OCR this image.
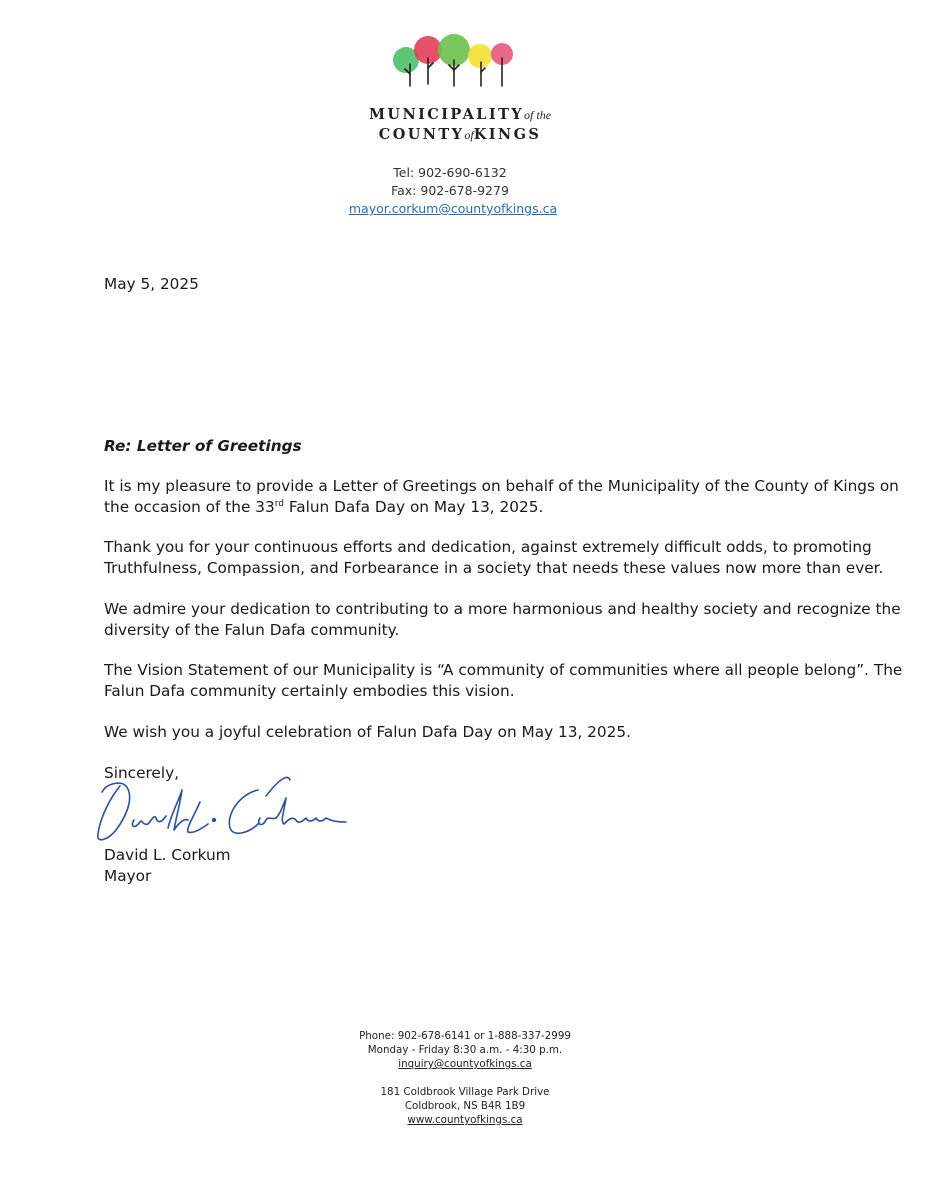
MUNICIPALITYof the
COUNTYofKINGS
Tel: 902-690-6132
Fax: 902-678-9279
mayor.corkum@countyofkings.ca
May 5, 2025
Re: Letter of Greetings
It is my pleasure to provide a Letter of Greetings on behalf of the Municipality of the County of Kings on
the occasion of the 33rd Falun Dafa Day on May 13, 2025.
Thank you for your continuous efforts and dedication, against extremely difficult odds, to promoting
Truthfulness, Compassion, and Forbearance in a society that needs these values now more than ever.
We admire your dedication to contributing to a more harmonious and healthy society and recognize the
diversity of the Falun Dafa community.
The Vision Statement of our Municipality is “A community of communities where all people belong”. The
Falun Dafa community certainly embodies this vision.
We wish you a joyful celebration of Falun Dafa Day on May 13, 2025.
Sincerely,
David L. Corkum
Mayor
Phone: 902-678-6141 or 1-888-337-2999
Monday - Friday 8:30 a.m. - 4:30 p.m.
inquiry@countyofkings.ca
181 Coldbrook Village Park Drive
Coldbrook, NS B4R 1B9
www.countyofkings.ca
